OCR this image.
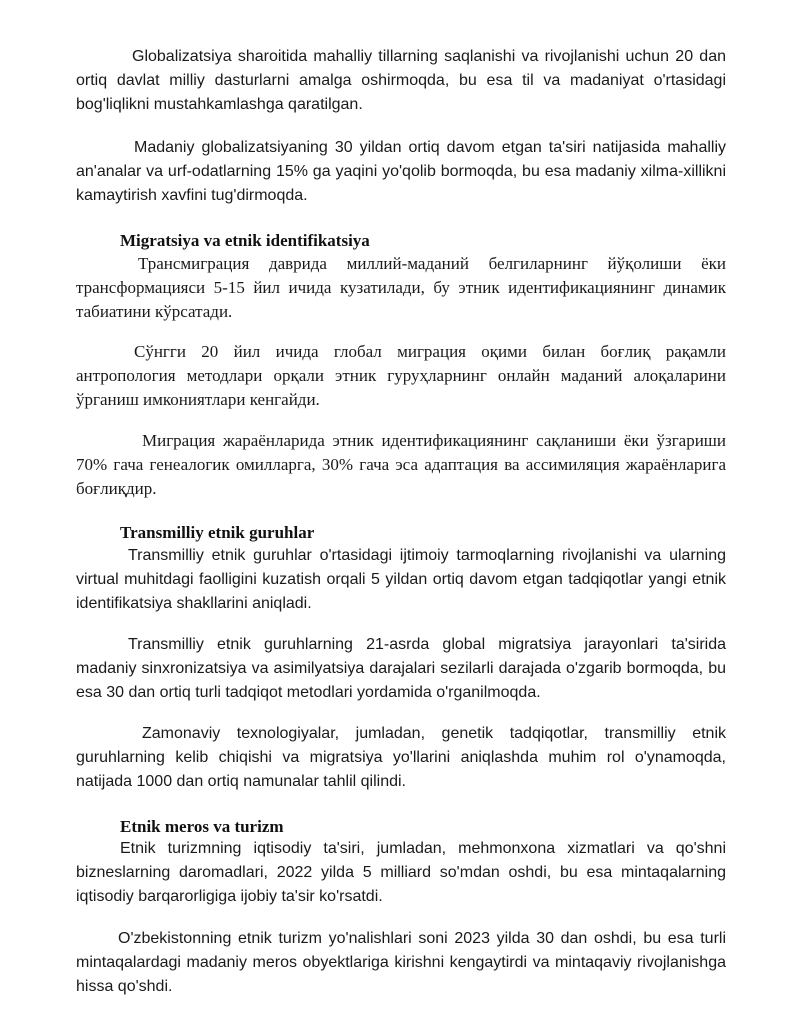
Globalizatsiya sharoitida mahalliy tillarning saqlanishi va rivojlanishi uchun 20 dan ortiq davlat milliy dasturlarni amalga oshirmoqda, bu esa til va madaniyat o'rtasidagi bog'liqlikni mustahkamlashga qaratilgan.

Madaniy globalizatsiyaning 30 yildan ortiq davom etgan ta'siri natijasida mahalliy an'analar va urf-odatlarning 15% ga yaqini yo'qolib bormoqda, bu esa madaniy xilma-xillikni kamaytirish xavfini tug'dirmoqda.

Migratsiya va etnik identifikatsiya

Трансмиграция даврида миллий-маданий белгиларнинг йўқолиши ёки трансформацияси 5-15 йил ичида кузатилади, бу этник идентификациянинг динамик табиатини кўрсатади.

Сўнгги 20 йил ичида глобал миграция оқими билан боғлиқ рақамли антропология методлари орқали этник гуруҳларнинг онлайн маданий алоқаларини ўрганиш имкониятлари кенгайди.

Миграция жараёнларида этник идентификациянинг сақланиши ёки ўзгариши 70% гача генеалогик омилларга, 30% гача эса адаптация ва ассимиляция жараёнларига боғлиқдир.

Transmilliy etnik guruhlar

Transmilliy etnik guruhlar o'rtasidagi ijtimoiy tarmoqlarning rivojlanishi va ularning virtual muhitdagi faolligini kuzatish orqali 5 yildan ortiq davom etgan tadqiqotlar yangi etnik identifikatsiya shakllarini aniqladi.

Transmilliy etnik guruhlarning 21-asrda global migratsiya jarayonlari ta'sirida madaniy sinxronizatsiya va asimilyatsiya darajalari sezilarli darajada o'zgarib bormoqda, bu esa 30 dan ortiq turli tadqiqot metodlari yordamida o'rganilmoqda.

Zamonaviy texnologiyalar, jumladan, genetik tadqiqotlar, transmilliy etnik guruhlarning kelib chiqishi va migratsiya yo'llarini aniqlashda muhim rol o'ynamoqda, natijada 1000 dan ortiq namunalar tahlil qilindi.

Etnik meros va turizm

Etnik turizmning iqtisodiy ta'siri, jumladan, mehmonxona xizmatlari va qo'shni bizneslarning daromadlari, 2022 yilda 5 milliard so'mdan oshdi, bu esa mintaqalarning iqtisodiy barqarorligiga ijobiy ta'sir ko'rsatdi.

O'zbekistonning etnik turizm yo'nalishlari soni 2023 yilda 30 dan oshdi, bu esa turli mintaqalardagi madaniy meros obyektlariga kirishni kengaytirdi va mintaqaviy rivojlanishga hissa qo'shdi.
